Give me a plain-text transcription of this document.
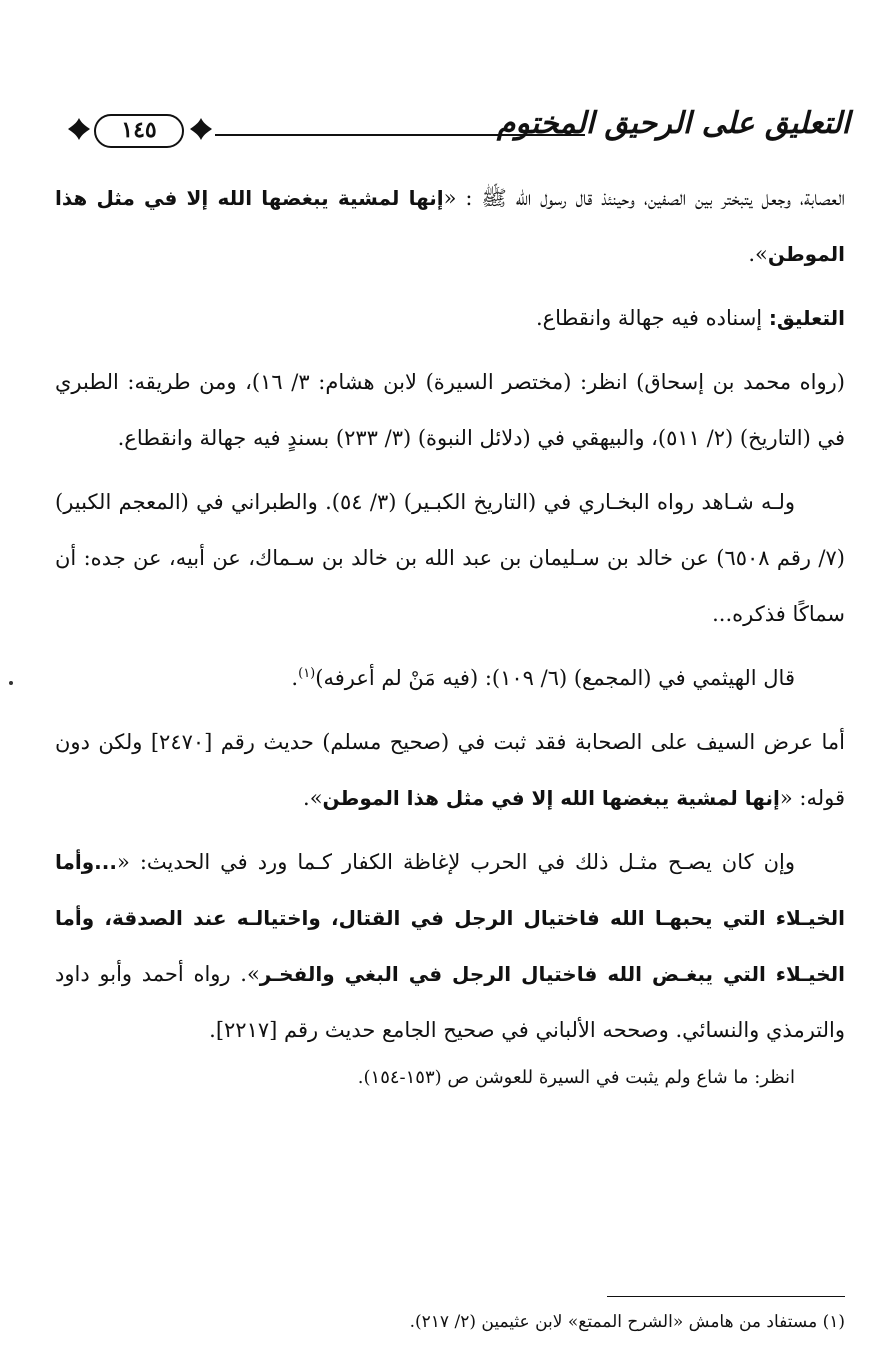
التعليق على الرحيق المختوم
١٤٥

العصابة، وجعل يتبختر بين الصفين، وحينئذ قال رسول الله ﷺ : «إنها لمشية يبغضها الله إلا في مثل هذا الموطن».

التعليق: إسناده فيه جهالة وانقطاع.

(رواه محمد بن إسحاق) انظر: (مختصر السيرة) لابن هشام: ٣/ ١٦)، ومن طريقه: الطبري في (التاريخ) (٢/ ٥١١)، والبيهقي في (دلائل النبوة) (٣/ ٢٣٣) بسندٍ فيه جهالة وانقطاع.

ولـه شـاهد رواه البخـاري في (التاريخ الكبـير) (٣/ ٥٤). والطبراني في (المعجم الكبير) (٧/ رقم ٦٥٠٨) عن خالد بن سـليمان بن عبد الله بن خالد بن سـماك، عن أبيه، عن جده: أن سماكًا فذكره...

قال الهيثمي في (المجمع) (٦/ ١٠٩): (فيه مَنْ لم أعرفه)$^{(١)}$.

أما عرض السيف على الصحابة فقد ثبت في (صحيح مسلم) حديث رقم [٢٤٧٠] ولكن دون قوله: «إنها لمشية يبغضها الله إلا في مثل هذا الموطن».

وإن كان يصـح مثـل ذلك في الحرب لإغاظة الكفار كـما ورد في الحديث: «...وأما الخيـلاء التي يحبهـا الله فاختيال الرجل في القتال، واختيالـه عند الصدقة، وأما الخيـلاء التي يبغـض الله فاختيال الرجل في البغي والفخـر». رواه أحمد وأبو داود والترمذي والنسائي. وصححه الألباني في صحيح الجامع حديث رقم [٢٢١٧].

انظر: ما شاع ولم يثبت في السيرة للعوشن ص (١٥٣-١٥٤).

(١) مستفاد من هامش «الشرح الممتع» لابن عثيمين (٢/ ٢١٧).
